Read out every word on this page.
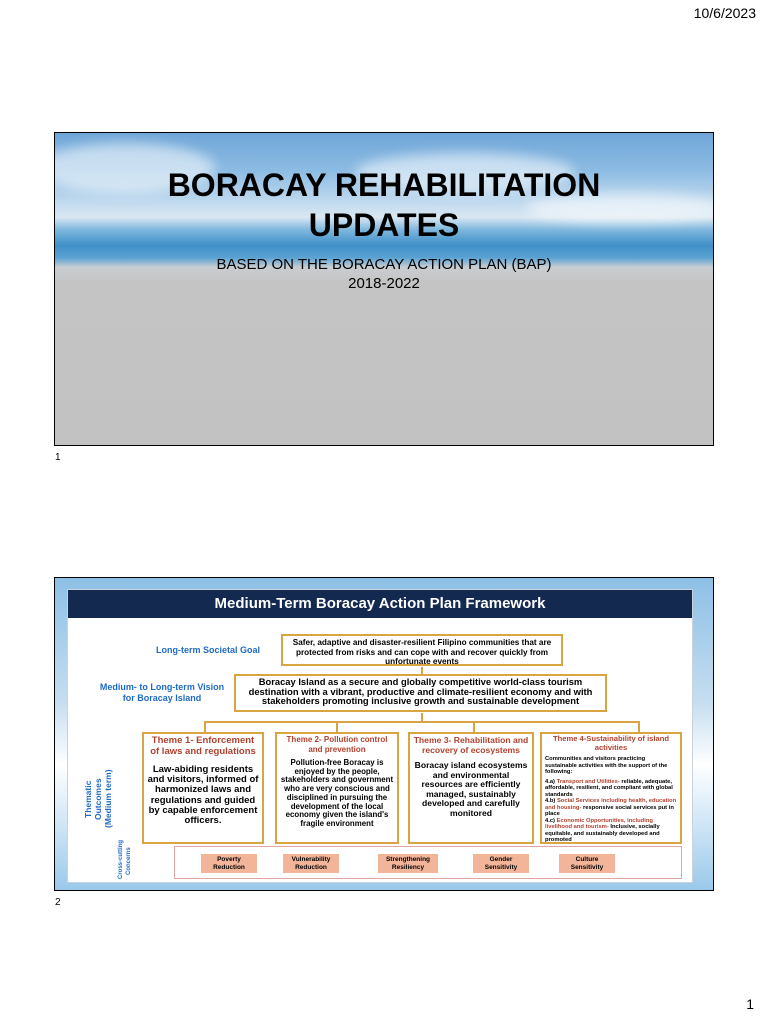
10/6/2023
BORACAY REHABILITATION
UPDATES
BASED ON THE BORACAY ACTION PLAN (BAP)
2018-2022
1
Medium-Term Boracay Action Plan Framework
Long-term Societal Goal
Safer, adaptive and disaster-resilient Filipino communities that are protected from risks and can cope with and recover quickly from unfortunate events
Medium- to Long-term Vision for Boracay Island
Boracay Island as a secure and globally competitive world-class tourism destination with a vibrant, productive and climate-resilient economy and with stakeholders promoting inclusive growth and sustainable development
Thematic Outcomes (Medium term)
Theme 1- Enforcement of laws and regulations
Law-abiding residents and visitors, informed of harmonized laws and regulations and guided by capable enforcement officers.
Theme 2- Pollution control and prevention
Pollution-free Boracay is enjoyed by the people, stakeholders and government who are very conscious and disciplined in pursuing the development of the local economy given the island's fragile environment
Theme 3- Rehabilitation and recovery of ecosystems
Boracay island ecosystems and environmental resources are efficiently managed, sustainably developed and carefully monitored
Theme 4-Sustainability of island activities
Communities and visitors practicing sustainable activities with the support of the following:
4.a) Transport and Utilities- reliable, adequate, affordable, resilient, and compliant with global standards
4.b) Social Services including health, education and housing- responsive social services put in place
4.c) Economic Opportunities, including livelihood and tourism- Inclusive, socially equitable, and sustainably developed and promoted
Cross-cutting Concerns	Poverty
Reduction
Vulnerability
Reduction
Strengthening
Resiliency
Gender
Sensitivity
Culture
Sensitivity
2
1
